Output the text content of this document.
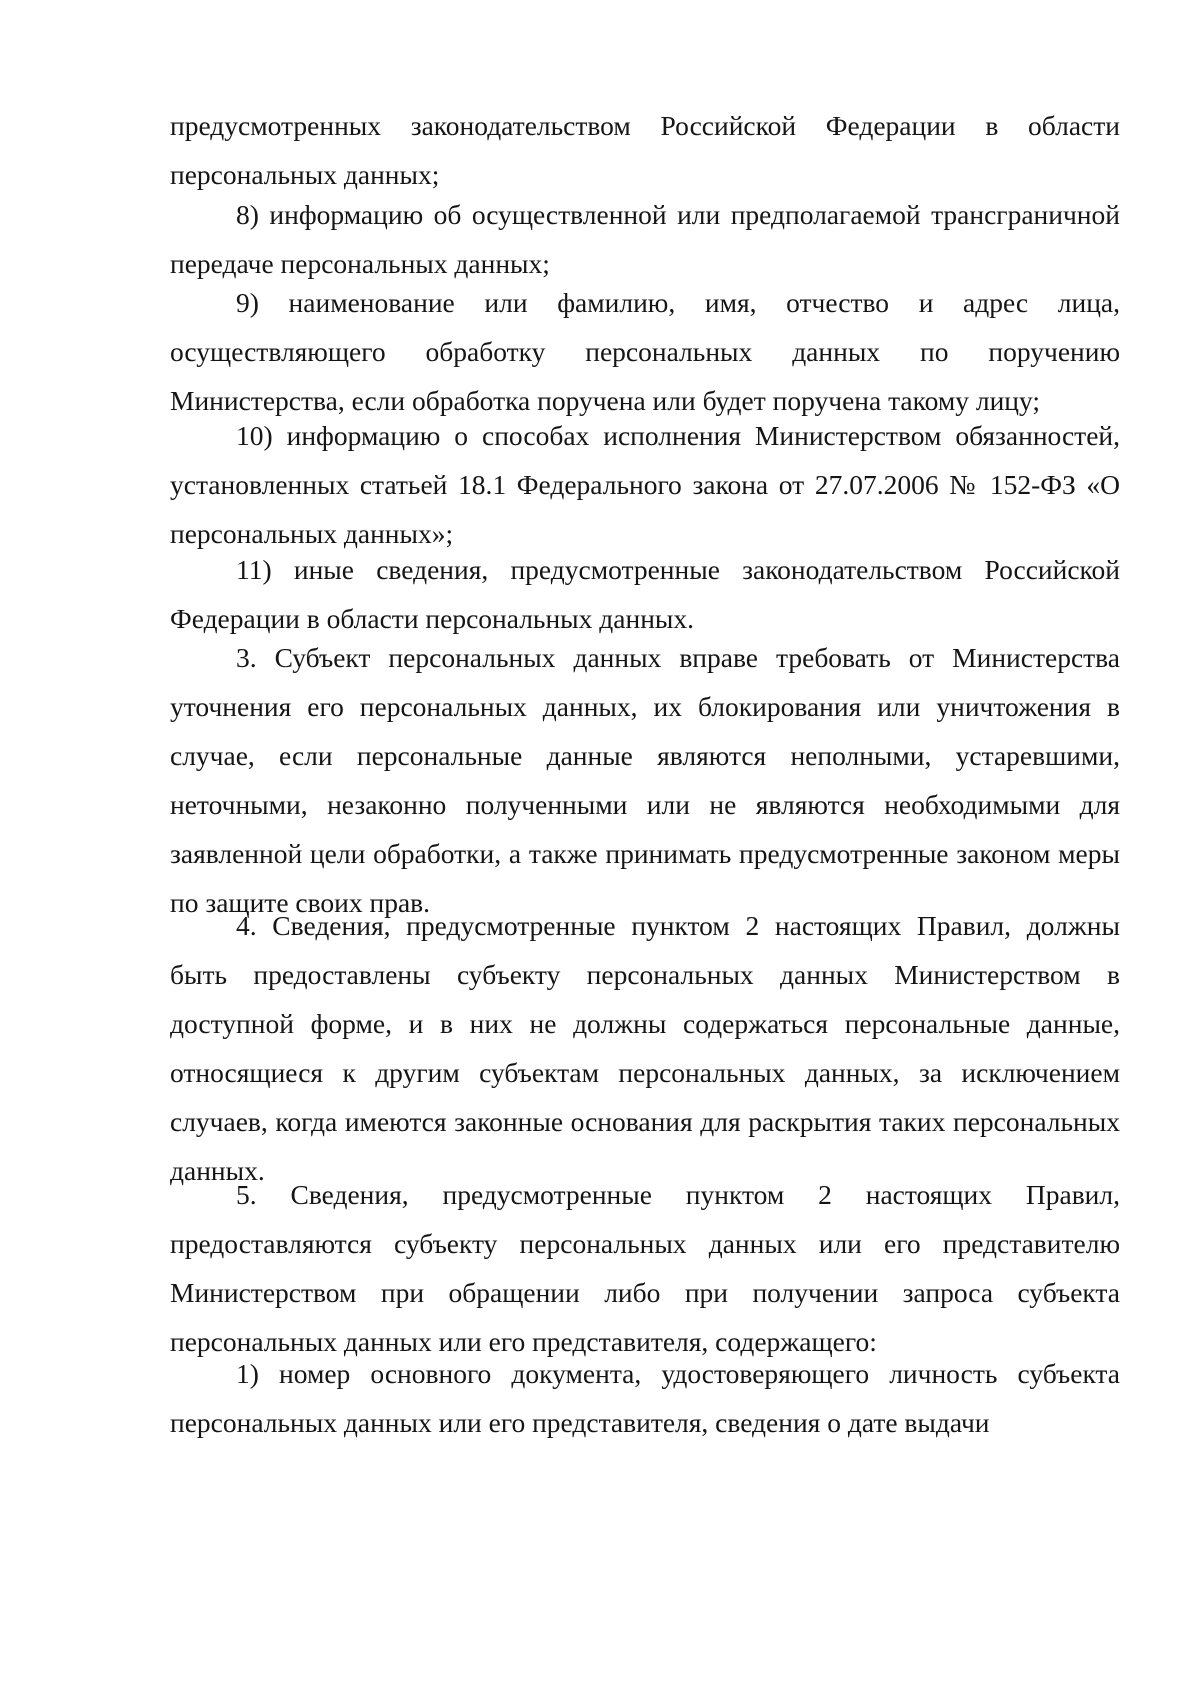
предусмотренных законодательством Российской Федерации в области персональных данных;

8) информацию об осуществленной или предполагаемой трансграничной передаче персональных данных;

9) наименование или фамилию, имя, отчество и адрес лица, осуществляющего обработку персональных данных по поручению Министерства, если обработка поручена или будет поручена такому лицу;

10) информацию о способах исполнения Министерством обязанностей, установленных статьей 18.1 Федерального закона от 27.07.2006 № 152-ФЗ «О персональных данных»;

11) иные сведения, предусмотренные законодательством Российской Федерации в области персональных данных.

3. Субъект персональных данных вправе требовать от Министерства уточнения его персональных данных, их блокирования или уничтожения в случае, если персональные данные являются неполными, устаревшими, неточными, незаконно полученными или не являются необходимыми для заявленной цели обработки, а также принимать предусмотренные законом меры по защите своих прав.

4. Сведения, предусмотренные пунктом 2 настоящих Правил, должны быть предоставлены субъекту персональных данных Министерством в доступной форме, и в них не должны содержаться персональные данные, относящиеся к другим субъектам персональных данных, за исключением случаев, когда имеются законные основания для раскрытия таких персональных данных.

5. Сведения, предусмотренные пунктом 2 настоящих Правил, предоставляются субъекту персональных данных или его представителю Министерством при обращении либо при получении запроса субъекта персональных данных или его представителя, содержащего:

1) номер основного документа, удостоверяющего личность субъекта персональных данных или его представителя, сведения о дате выдачи
